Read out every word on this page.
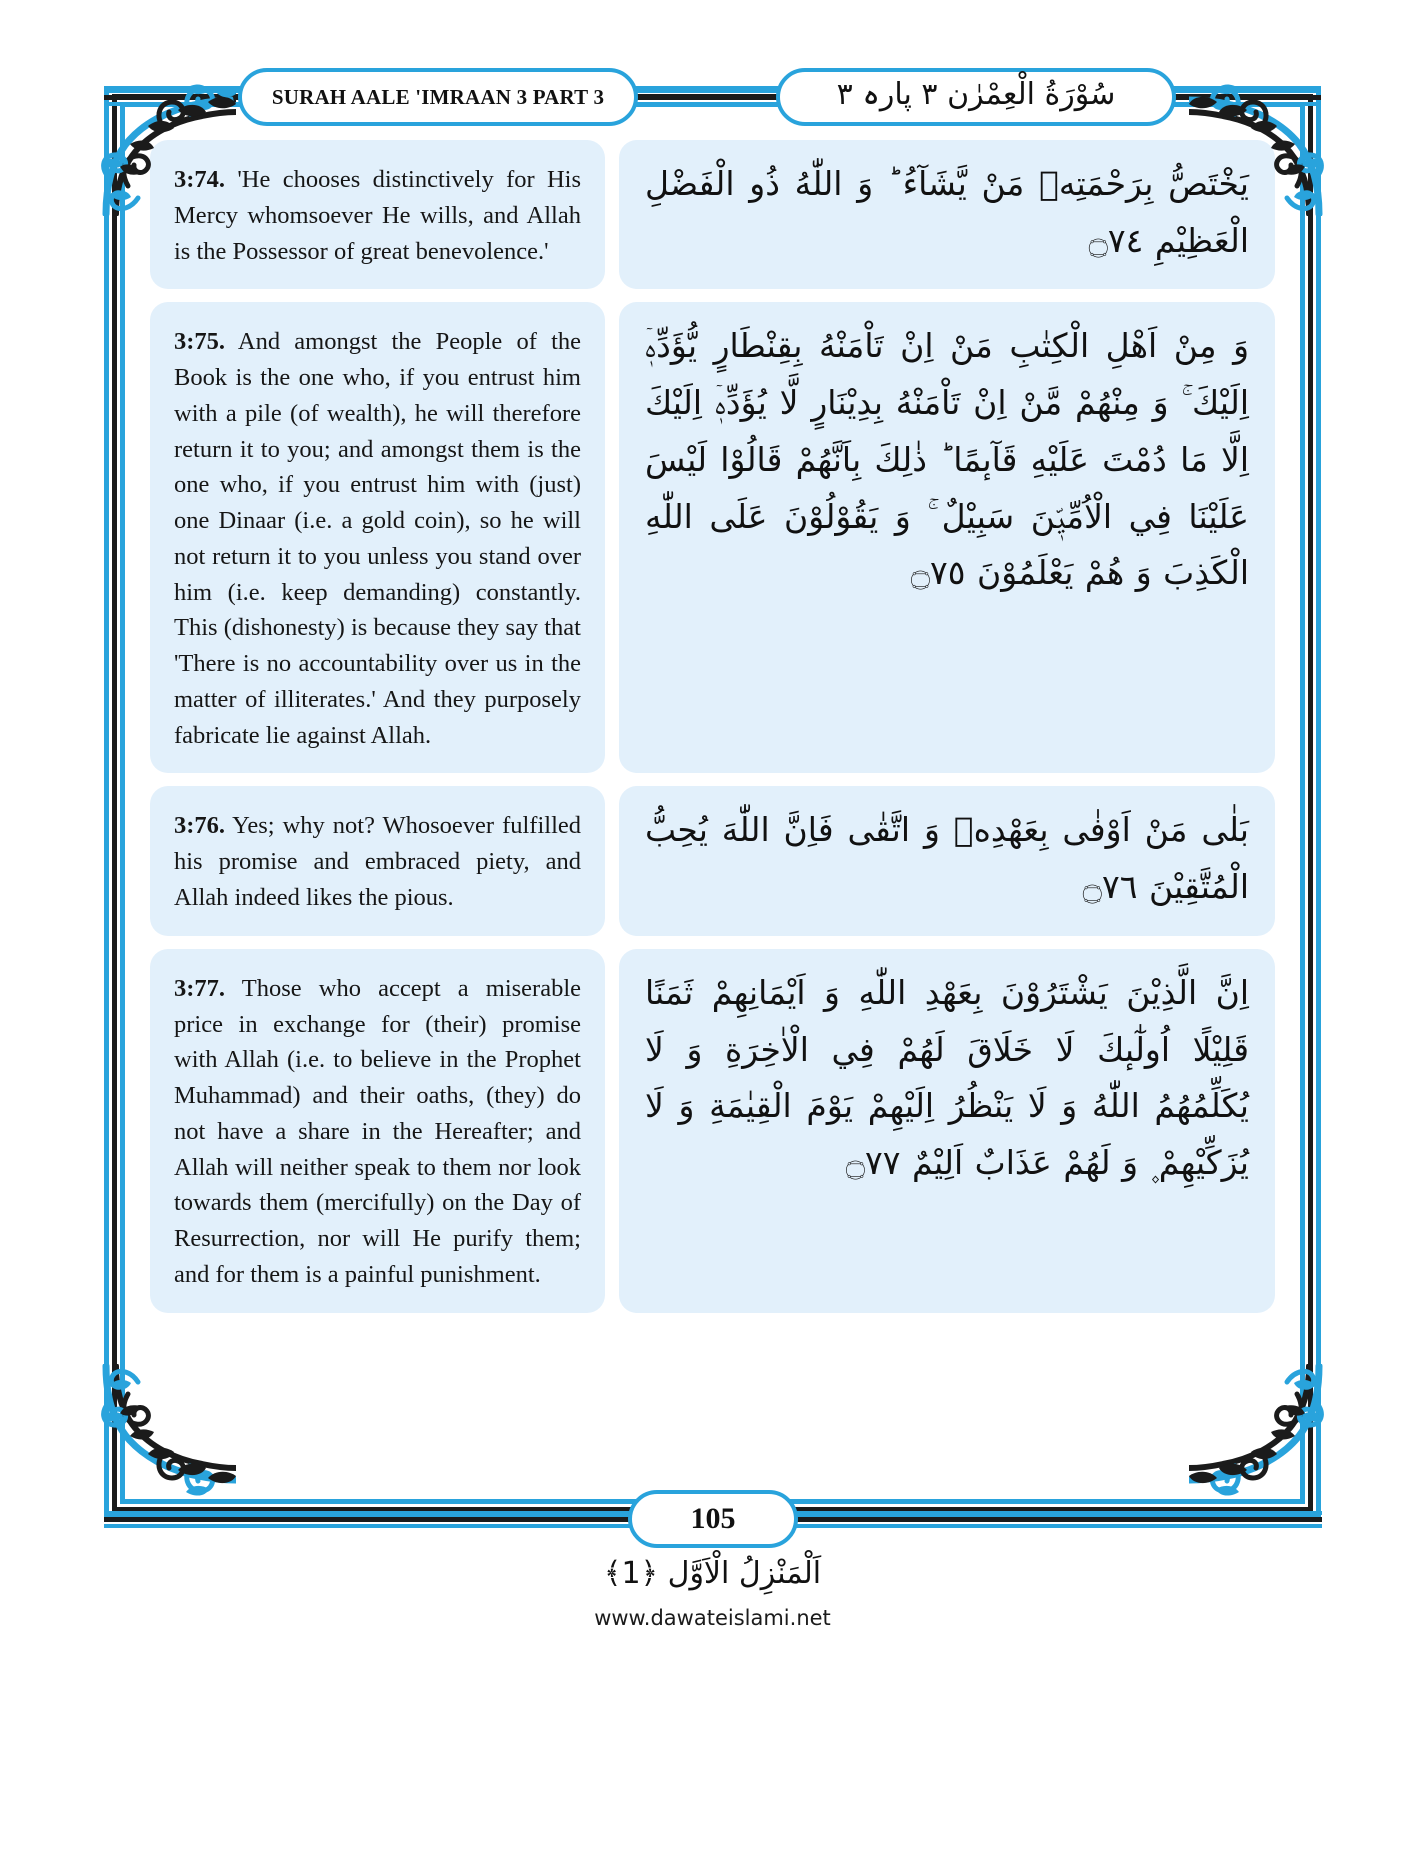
SURAH AALE 'IMRAAN 3 PART 3	سُوْرَةُ الْعِمْرٰن ٣ پارہ ٣
3:74. 'He chooses distinctively for His Mercy whomsoever He wills, and Allah is the Possessor of great benevolence.'
يَخْتَصُّ بِرَحْمَتِهٖ مَنْ يَّشَآءُ ؕ وَ اللّٰهُ ذُو الْفَضْلِ الْعَظِيْمِ ۝٧٤
3:75. And amongst the People of the Book is the one who, if you entrust him with a pile (of wealth), he will therefore return it to you; and amongst them is the one who, if you entrust him with (just) one Dinaar (i.e. a gold coin), so he will not return it to you unless you stand over him (i.e. keep demanding) constantly. This (dishonesty) is because they say that 'There is no accountability over us in the matter of illiterates.' And they purposely fabricate lie against Allah.
وَ مِنْ اَهْلِ الْكِتٰبِ مَنْ اِنْ تَاْمَنْهُ بِقِنْطَارٍ يُّؤَدِّهٖۤ اِلَيْكَ ۚ وَ مِنْهُمْ مَّنْ اِنْ تَاْمَنْهُ بِدِيْنَارٍ لَّا يُؤَدِّهٖۤ اِلَيْكَ اِلَّا مَا دُمْتَ عَلَيْهِ قَآىٕمًا ؕ ذٰلِكَ بِاَنَّهُمْ قَالُوْا لَيْسَ عَلَيْنَا فِي الْاُمِّيّٖنَ سَبِيْلٌ ۚ وَ يَقُوْلُوْنَ عَلَى اللّٰهِ الْكَذِبَ وَ هُمْ يَعْلَمُوْنَ ۝٧٥
3:76. Yes; why not? Whosoever fulfilled his promise and embraced piety, and Allah indeed likes the pious.
بَلٰى مَنْ اَوْفٰى بِعَهْدِهٖ وَ اتَّقٰى فَاِنَّ اللّٰهَ يُحِبُّ الْمُتَّقِيْنَ ۝٧٦
3:77. Those who accept a miserable price in exchange for (their) promise with Allah (i.e. to believe in the Prophet Muhammad) and their oaths, (they) do not have a share in the Hereafter; and Allah will neither speak to them nor look towards them (mercifully) on the Day of Resurrection, nor will He purify them; and for them is a painful punishment.
اِنَّ الَّذِيْنَ يَشْتَرُوْنَ بِعَهْدِ اللّٰهِ وَ اَيْمَانِهِمْ ثَمَنًا قَلِيْلًا اُولٰٓىٕكَ لَا خَلَاقَ لَهُمْ فِي الْاٰخِرَةِ وَ لَا يُكَلِّمُهُمُ اللّٰهُ وَ لَا يَنْظُرُ اِلَيْهِمْ يَوْمَ الْقِيٰمَةِ وَ لَا يُزَكِّيْهِمْ ۪ وَ لَهُمْ عَذَابٌ اَلِيْمٌ ۝٧٧
105
اَلْمَنْزِلُ الْاَوَّل ﴿1﴾
www.dawateislami.net
